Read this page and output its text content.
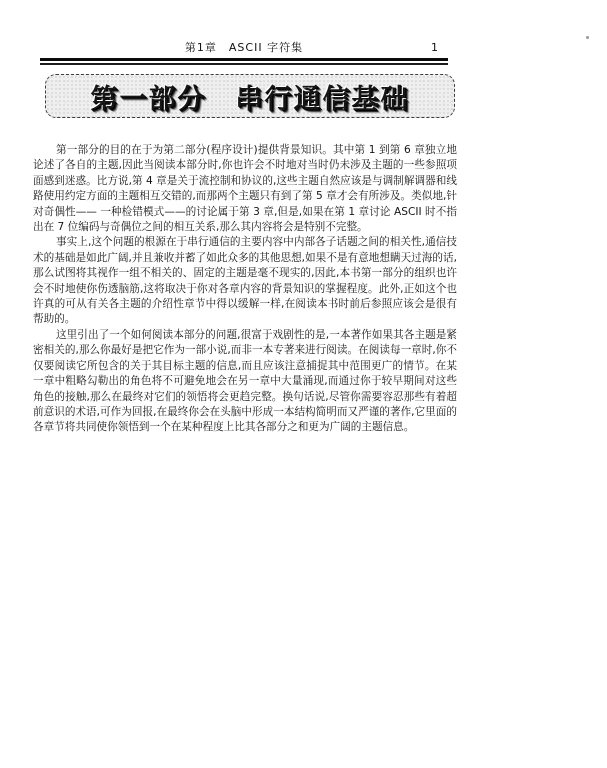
第1章　ASCII 字符集	1
第一部分　串行通信基础

第一部分的目的在于为第二部分(程序设计)提供背景知识。其中第 1 到第 6 章独立地论述了各自的主题,因此当阅读本部分时,你也许会不时地对当时仍未涉及主题的一些参照项面感到迷惑。比方说,第 4 章是关于流控制和协议的,这些主题自然应该是与调制解调器和线路使用约定方面的主题相互交错的,而那两个主题只有到了第 5 章才会有所涉及。类似地,针对奇偶性—— 一种检错模式——的讨论属于第 3 章,但是,如果在第 1 章讨论 ASCII 时不指出在 7 位编码与奇偶位之间的相互关系,那么其内容将会是特别不完整。

事实上,这个问题的根源在于串行通信的主要内容中内部各子话题之间的相关性,通信技术的基础是如此广阔,并且兼收并蓄了如此众多的其他思想,如果不是有意地想瞒天过海的话,那么试图将其视作一组不相关的、固定的主题是毫不现实的,因此,本书第一部分的组织也许会不时地使你伤透脑筋,这将取决于你对各章内容的背景知识的掌握程度。此外,正如这个也许真的可从有关各主题的介绍性章节中得以缓解一样,在阅读本书时前后参照应该会是很有帮助的。

这里引出了一个如何阅读本部分的问题,很富于戏剧性的是,一本著作如果其各主题是紧密相关的,那么你最好是把它作为一部小说,而非一本专著来进行阅读。在阅读每一章时,你不仅要阅读它所包含的关于其目标主题的信息,而且应该注意捕捉其中范围更广的情节。在某一章中粗略勾勒出的角色将不可避免地会在另一章中大量涌现,而通过你于较早期间对这些角色的接触,那么在最终对它们的领悟将会更趋完整。换句话说,尽管你需要容忍那些有着超前意识的术语,可作为回报,在最终你会在头脑中形成一本结构简明而又严谨的著作,它里面的各章节将共同使你领悟到一个在某种程度上比其各部分之和更为广阔的主题信息。
